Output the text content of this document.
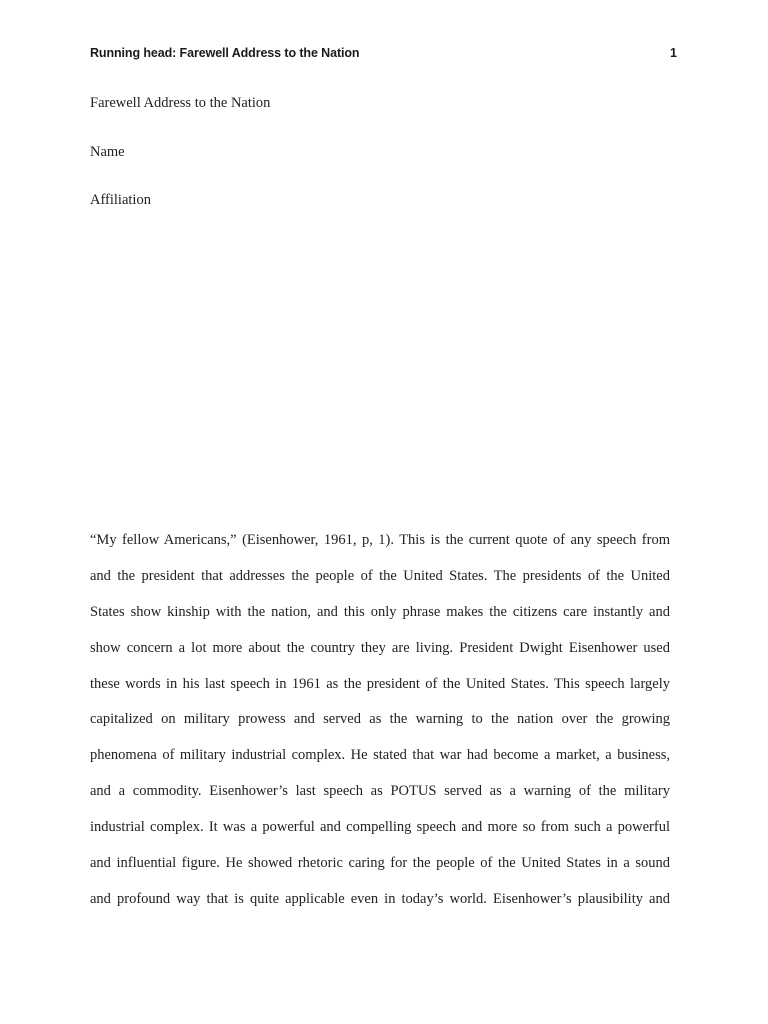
Running head: Farewell Address to the Nation	1
Farewell Address to the Nation
Name
Affiliation
“My fellow Americans,” (Eisenhower, 1961, p, 1). This is the current quote of any speech from
and the president that addresses the people of the United States. The presidents of the United
States show kinship with the nation, and this only phrase makes the citizens care instantly and
show concern a lot more about the country they are living. President Dwight Eisenhower used
these words in his last speech in 1961 as the president of the United States. This speech largely
capitalized on military prowess and served as the warning to the nation over the growing
phenomena of military industrial complex. He stated that war had become a market, a business,
and a commodity. Eisenhower’s last speech as POTUS served as a warning of the military
industrial complex. It was a powerful and compelling speech and more so from such a powerful
and influential figure. He showed rhetoric caring for the people of the United States in a sound
and profound way that is quite applicable even in today’s world. Eisenhower’s plausibility and
